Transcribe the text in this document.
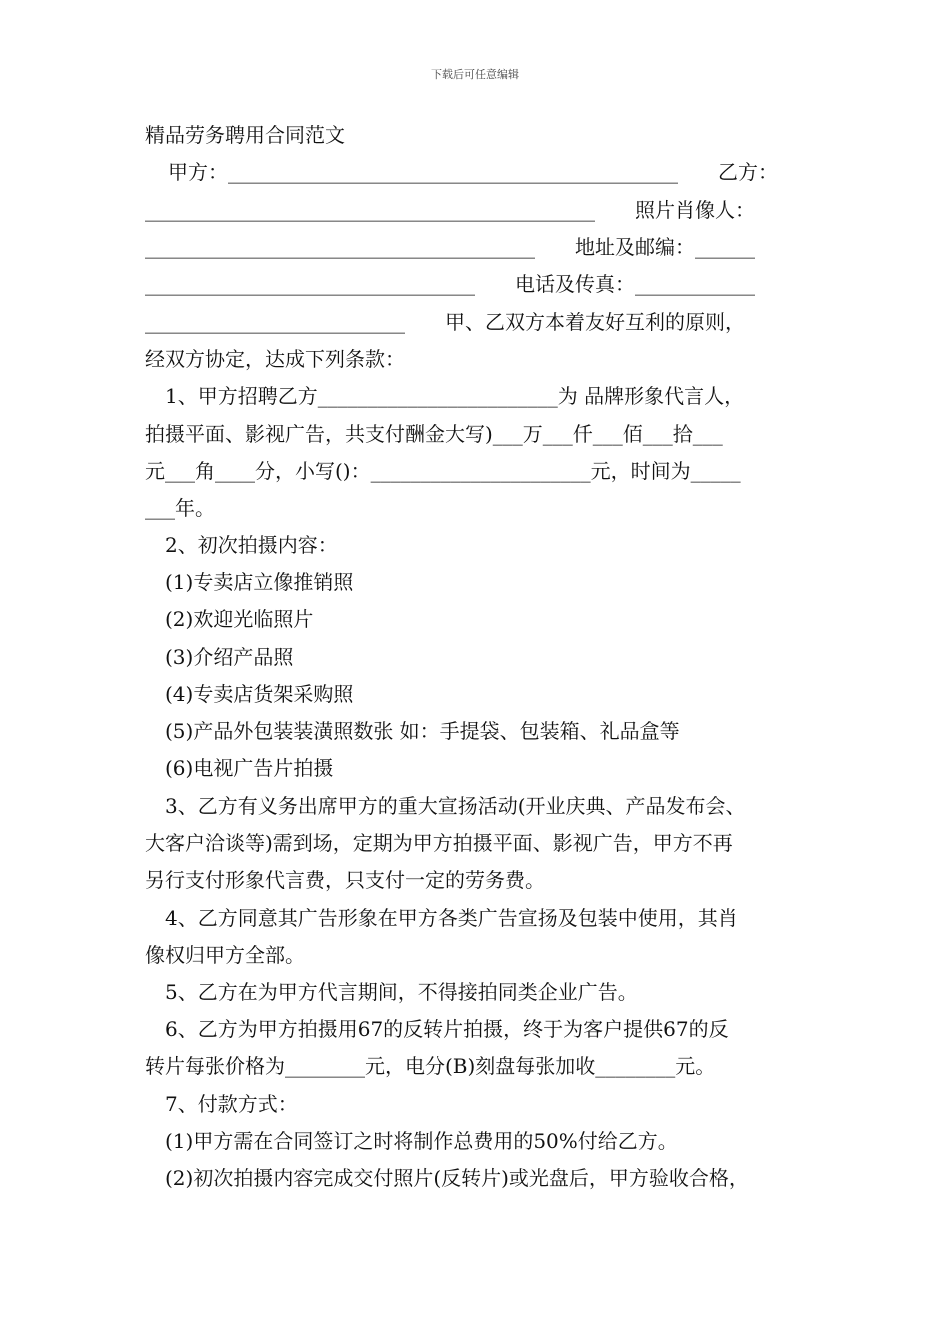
下载后可任意编辑
精品劳务聘用合同范文
甲方：_____________________________________________　　乙方：
_____________________________________________　　照片肖像人：
_______________________________________　　地址及邮编：______
_________________________________　　电话及传真：____________
__________________________　　甲、乙双方本着友好互利的原则，
经双方协定，达成下列条款：
1、甲方招聘乙方________________________为 品牌形象代言人，
拍摄平面、影视广告，共支付酬金大写)___万___仟___佰___拾___
元___角____分，小写()：______________________元，时间为_____
___年。
2、初次拍摄内容：
(1)专卖店立像推销照
(2)欢迎光临照片
(3)介绍产品照
(4)专卖店货架采购照
(5)产品外包装装潢照数张 如：手提袋、包装箱、礼品盒等
(6)电视广告片拍摄
3、乙方有义务出席甲方的重大宣扬活动(开业庆典、产品发布会、
大客户洽谈等)需到场，定期为甲方拍摄平面、影视广告，甲方不再
另行支付形象代言费，只支付一定的劳务费。
4、乙方同意其广告形象在甲方各类广告宣扬及包装中使用，其肖
像权归甲方全部。
5、乙方在为甲方代言期间，不得接拍同类企业广告。
6、乙方为甲方拍摄用67的反转片拍摄，终于为客户提供67的反
转片每张价格为________元，电分(B)刻盘每张加收________元。
7、付款方式：
(1)甲方需在合同签订之时将制作总费用的50%付给乙方。
(2)初次拍摄内容完成交付照片(反转片)或光盘后，甲方验收合格，
